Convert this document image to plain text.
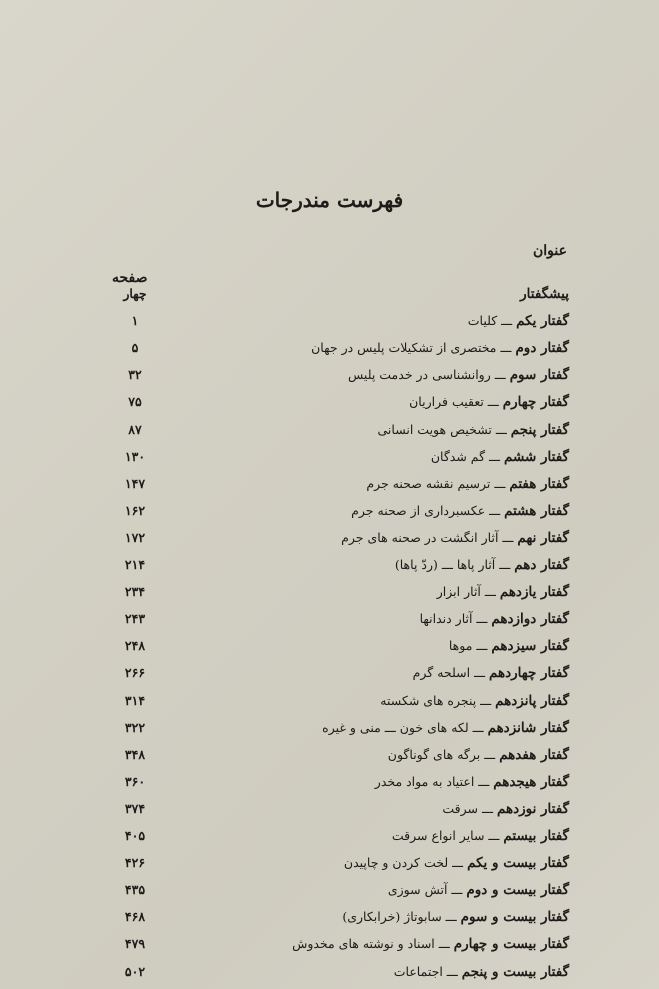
فهرست مندرجات
عنوان
صفحه
پیشگفتار
چهار
گفتار یکم ـــ کلیات
۱
گفتار دوم ـــ مختصری از تشکیلات پلیس در جهان
۵
گفتار سوم ـــ روانشناسی در خدمت پلیس
۳۲
گفتار چهارم ـــ تعقیب فراریان
۷۵
گفتار پنجم ـــ تشخیص هویت انسانی
۸۷
گفتار ششم ـــ گم شدگان
۱۳۰
گفتار هفتم ـــ ترسیم نقشه صحنه جرم
۱۴۷
گفتار هشتم ـــ عکسبرداری از صحنه جرم
۱۶۲
گفتار نهم ـــ آثار انگشت در صحنه های جرم
۱۷۲
گفتار دهم ـــ آثار پاها ـــ (ردّ پاها)
۲۱۴
گفتار یازدهم ـــ آثار ابزار
۲۳۴
گفتار دوازدهم ـــ آثار دندانها
۲۴۳
گفتار سیزدهم ـــ موها
۲۴۸
گفتار چهاردهم ـــ اسلحه گرم
۲۶۶
گفتار پانزدهم ـــ پنجره های شکسته
۳۱۴
گفتار شانزدهم ـــ لکه های خون ـــ منی و غیره
۳۲۲
گفتار هفدهم ـــ برگه های گوناگون
۳۴۸
گفتار هیجدهم ـــ اعتیاد به مواد مخدر
۳۶۰
گفتار نوزدهم ـــ سرقت
۳۷۴
گفتار بیستم ـــ سایر انواع سرقت
۴۰۵
گفتار بیست و یکم ـــ لخت کردن و چاپیدن
۴۲۶
گفتار بیست و دوم ـــ آتش سوزی
۴۳۵
گفتار بیست و سوم ـــ سابوتاژ (خرابکاری)
۴۶۸
گفتار بیست و چهارم ـــ اسناد و نوشته های مخدوش
۴۷۹
گفتار بیست و پنجم ـــ اجتماعات
۵۰۲
